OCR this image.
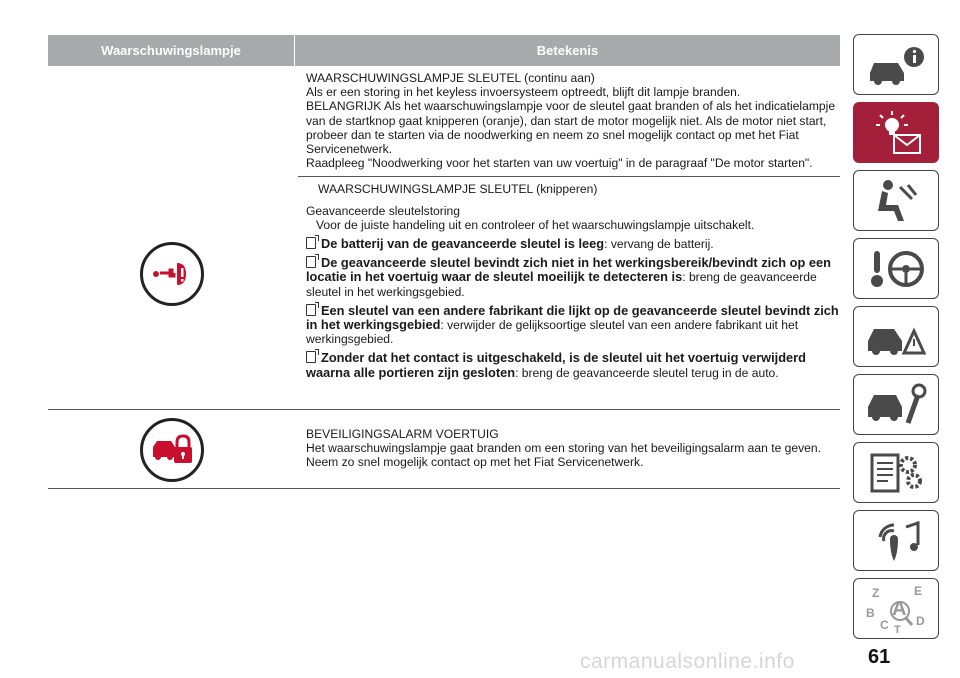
Waarschuwingslampje	Betekenis

WAARSCHUWINGSLAMPJE SLEUTEL (continu aan)

Als er een storing in het keyless invoersysteem optreedt, blijft dit lampje branden.

BELANGRIJK Als het waarschuwingslampje voor de sleutel gaat branden of als het indicatielampje van de startknop gaat knipperen (oranje), dan start de motor mogelijk niet. Als de motor niet start, probeer dan te starten via de noodwerking en neem zo snel mogelijk contact op met het Fiat Servicenetwerk.

Raadpleeg "Noodwerking voor het starten van uw voertuig" in de paragraaf "De motor starten".

WAARSCHUWINGSLAMPJE SLEUTEL (knipperen)

Geavanceerde sleutelstoring

Voor de juiste handeling uit en controleer of het waarschuwingslampje uitschakelt.

De batterij van de geavanceerde sleutel is leeg: vervang de batterij.

De geavanceerde sleutel bevindt zich niet in het werkingsbereik/bevindt zich op een locatie in het voertuig waar de sleutel moeilijk te detecteren is: breng de geavanceerde sleutel in het werkingsgebied.

Een sleutel van een andere fabrikant die lijkt op de geavanceerde sleutel bevindt zich in het werkingsgebied: verwijder de gelijksoortige sleutel van een andere fabrikant uit het werkingsgebied.

Zonder dat het contact is uitgeschakeld, is de sleutel uit het voertuig verwijderd waarna alle portieren zijn gesloten: breng de geavanceerde sleutel terug in de auto.

BEVEILIGINGSALARM VOERTUIG

Het waarschuwingslampje gaat branden om een storing van het beveiligingsalarm aan te geven.

Neem zo snel mogelijk contact op met het Fiat Servicenetwerk.

Z	E
B A
C D
T
61
carmanualsonline.info
